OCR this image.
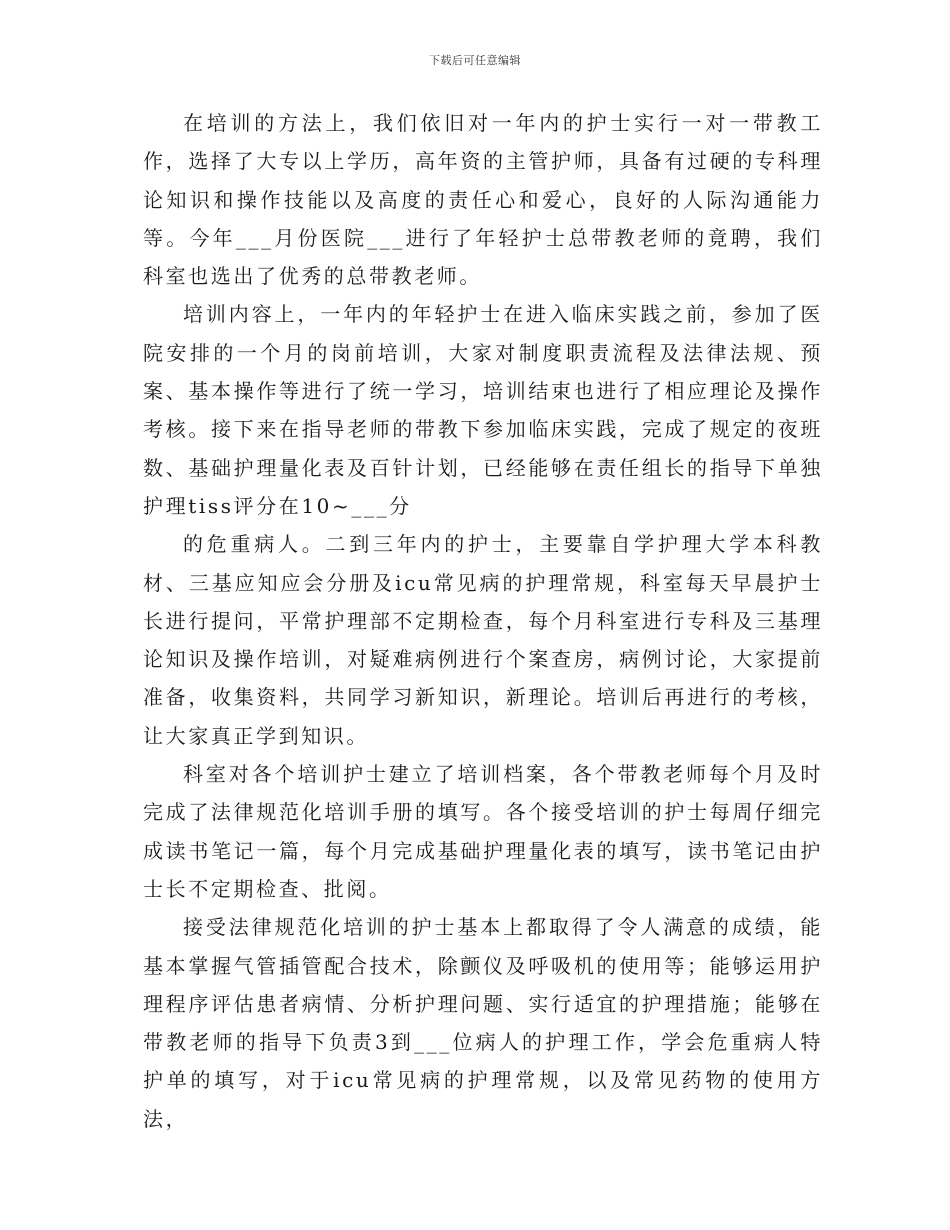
下载后可任意编辑

在培训的方法上，我们依旧对一年内的护士实行一对一带教工作，选择了大专以上学历，高年资的主管护师，具备有过硬的专科理论知识和操作技能以及高度的责任心和爱心，良好的人际沟通能力等。今年___月份医院___进行了年轻护士总带教老师的竟聘，我们科室也选出了优秀的总带教老师。

培训内容上，一年内的年轻护士在进入临床实践之前，参加了医院安排的一个月的岗前培训，大家对制度职责流程及法律法规、预案、基本操作等进行了统一学习，培训结束也进行了相应理论及操作考核。接下来在指导老师的带教下参加临床实践，完成了规定的夜班数、基础护理量化表及百针计划，已经能够在责任组长的指导下单独护理tiss评分在10~___分

的危重病人。二到三年内的护士，主要靠自学护理大学本科教材、三基应知应会分册及icu常见病的护理常规，科室每天早晨护士长进行提问，平常护理部不定期检查，每个月科室进行专科及三基理论知识及操作培训，对疑难病例进行个案查房，病例讨论，大家提前准备，收集资料，共同学习新知识，新理论。培训后再进行的考核，让大家真正学到知识。

科室对各个培训护士建立了培训档案，各个带教老师每个月及时完成了法律规范化培训手册的填写。各个接受培训的护士每周仔细完成读书笔记一篇，每个月完成基础护理量化表的填写，读书笔记由护士长不定期检查、批阅。

接受法律规范化培训的护士基本上都取得了令人满意的成绩，能基本掌握气管插管配合技术，除颤仪及呼吸机的使用等；能够运用护理程序评估患者病情、分析护理问题、实行适宜的护理措施；能够在带教老师的指导下负责3到___位病人的护理工作，学会危重病人特护单的填写，对于icu常见病的护理常规，以及常见药物的使用方法，
